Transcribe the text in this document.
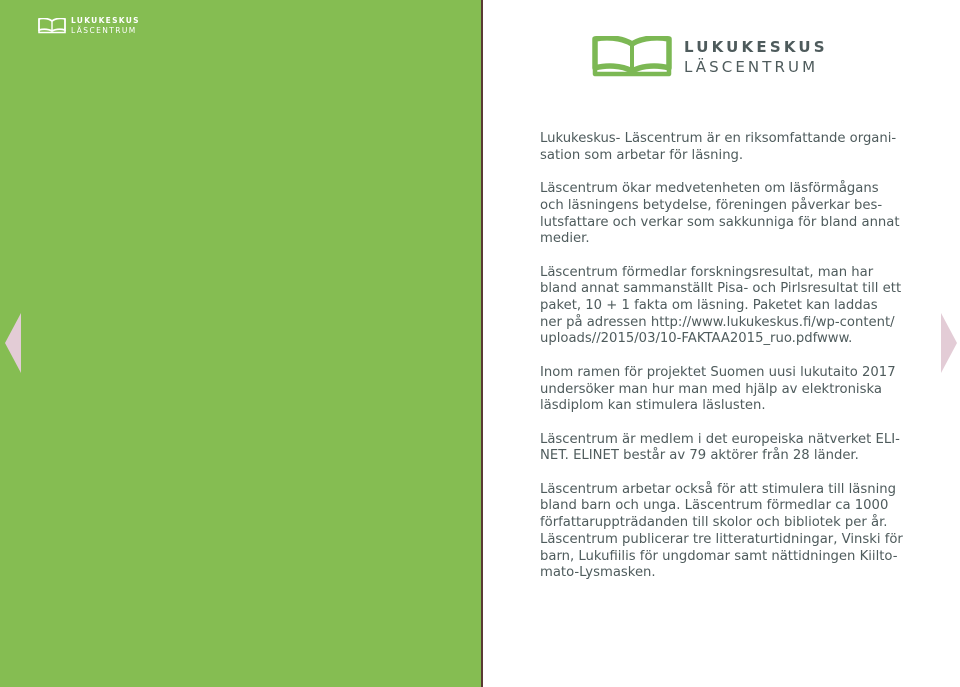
LUKUKESKUS
LÄSCENTRUM
LUKUKESKUS
LÄSCENTRUM

Lukukeskus- Läscentrum är en riksomfattande organi-
sation som arbetar för läsning.

Läscentrum ökar medvetenheten om läsförmågans
och läsningens betydelse, föreningen påverkar bes-
lutsfattare och verkar som sakkunniga för bland annat
medier.

Läscentrum förmedlar forskningsresultat, man har
bland annat sammanställt Pisa- och Pirlsresultat till ett
paket, 10 + 1 fakta om läsning. Paketet kan laddas
ner på adressen http://www.lukukeskus.fi/wp-content/
uploads//2015/03/10-FAKTAA2015_ruo.pdfwww.

Inom ramen för projektet Suomen uusi lukutaito 2017
undersöker man hur man med hjälp av elektroniska
läsdiplom kan stimulera läslusten.

Läscentrum är medlem i det europeiska nätverket ELI-
NET. ELINET består av 79 aktörer från 28 länder.

Läscentrum arbetar också för att stimulera till läsning
bland barn och unga. Läscentrum förmedlar ca 1000
författaruppträdanden till skolor och bibliotek per år.
Läscentrum publicerar tre litteraturtidningar, Vinski för
barn, Lukufiilis för ungdomar samt nättidningen Kiilto-
mato-Lysmasken.
